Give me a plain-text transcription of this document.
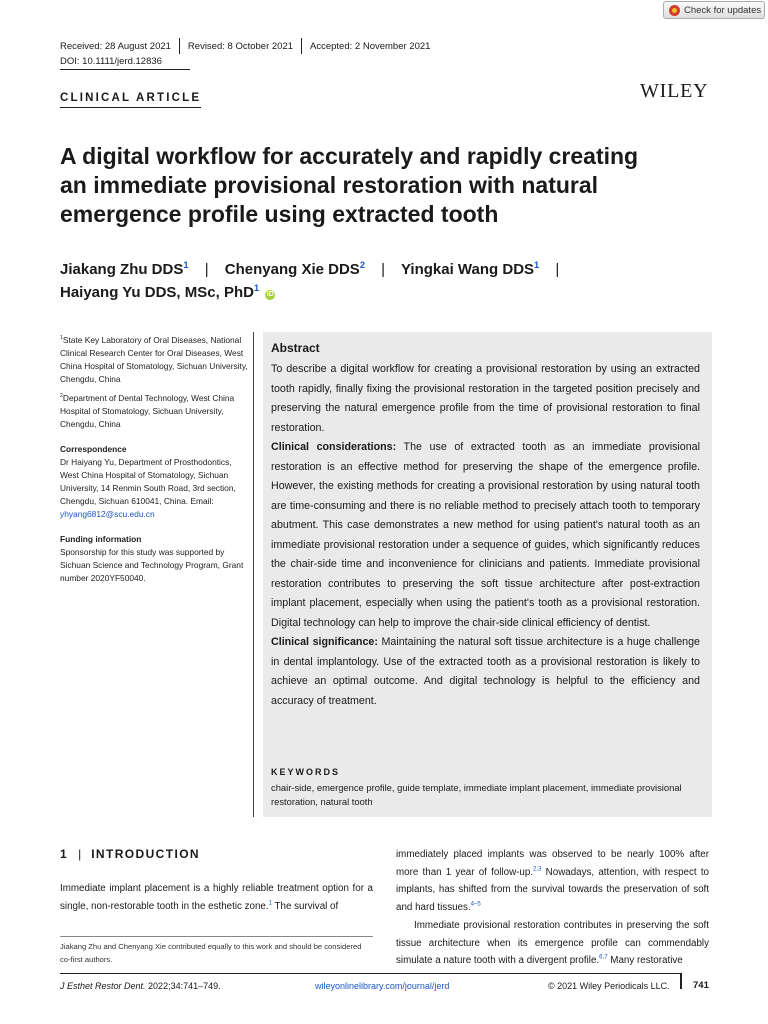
Check for updates
Received: 28 August 2021 Revised: 8 October 2021 Accepted: 2 November 2021
DOI: 10.1111/jerd.12836
CLINICAL ARTICLE	WILEY
A digital workflow for accurately and rapidly creating
an immediate provisional restoration with natural
emergence profile using extracted tooth
Jiakang Zhu DDS$^1$ | Chenyang Xie DDS$^2$ | Yingkai Wang DDS$^1$ |
Haiyang Yu DDS, MSc, PhD$^1$ iD

$^1$State Key Laboratory of Oral Diseases, National Clinical Research Center for Oral Diseases, West China Hospital of Stomatology, Sichuan University, Chengdu, China

$^2$Department of Dental Technology, West China Hospital of Stomatology, Sichuan University, Chengdu, China

Correspondence

Dr Haiyang Yu, Department of Prosthodontics, West China Hospital of Stomatology, Sichuan University, 14 Renmin South Road, 3rd section, Chengdu, Sichuan 610041, China. Email: yhyang6812@scu.edu.cn

Funding information

Sponsorship for this study was supported by Sichuan Science and Technology Program, Grant number 2020YF50040.

Abstract

To describe a digital workflow for creating a provisional restoration by using an extracted tooth rapidly, finally fixing the provisional restoration in the targeted position precisely and preserving the natural emergence profile from the time of provisional restoration to final restoration.

Clinical considerations: The use of extracted tooth as an immediate provisional restoration is an effective method for preserving the shape of the emergence profile. However, the existing methods for creating a provisional restoration by using natural tooth are time-consuming and there is no reliable method to precisely attach tooth to temporary abutment. This case demonstrates a new method for using patient's natural tooth as an immediate provisional restoration under a sequence of guides, which significantly reduces the chair-side time and inconvenience for clinicians and patients. Immediate provisional restoration contributes to preserving the soft tissue architecture after post-extraction implant placement, especially when using the patient's tooth as a provisional restoration. Digital technology can help to improve the chair-side clinical efficiency of dentist.

Clinical significance: Maintaining the natural soft tissue architecture is a huge challenge in dental implantology. Use of the extracted tooth as a provisional restoration is likely to achieve an optimal outcome. And digital technology is helpful to the efficiency and accuracy of treatment.

KEYWORDS
chair-side, emergence profile, guide template, immediate implant placement, immediate provisional restoration, natural tooth
1 | INTRODUCTION
Immediate implant placement is a highly reliable treatment option for a single, non-restorable tooth in the esthetic zone.$^1$ The survival of

immediately placed implants was observed to be nearly 100% after more than 1 year of follow-up.$^{2,3}$ Nowadays, attention, with respect to implants, has shifted from the survival towards the preservation of soft and hard tissues.$^{4-5}$

Immediate provisional restoration contributes in preserving the soft tissue architecture when its emergence profile can commendably simulate a nature tooth with a divergent profile.$^{6,7}$ Many restorative

Jiakang Zhu and Chenyang Xie contributed equally to this work and should be considered co-first authors.
J Esthet Restor Dent. 2022;34:741–749.	wileyonlinelibrary.com/journal/jerd	© 2021 Wiley Periodicals LLC. 741
